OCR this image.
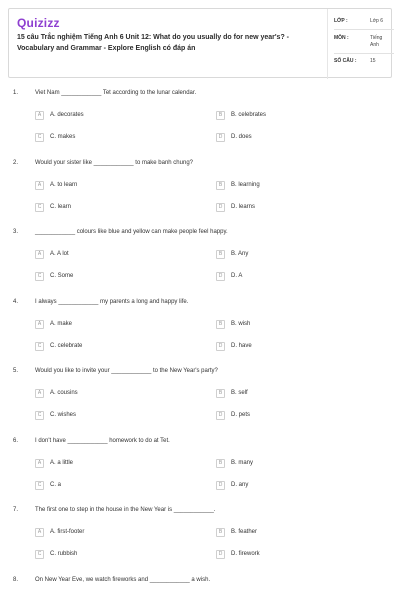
Quizizz
15 câu Trắc nghiệm Tiếng Anh 6 Unit 12: What do you usually do for new year's? - Vocabulary and Grammar - Explore English có đáp án
LỚP :	Lớp 6
MÔN :	Tiếng Anh
SỐ CÂU :	15
1.	Viet Nam ____________ Tet according to the lunar calendar.
A	A. decorates	B	B. celebrates
C	C. makes	D	D. does
2.	Would your sister like ____________ to make banh chung?
A	A. to learn	B	B. learning
C	C. learn	D	D. learns
3.	____________ colours like blue and yellow can make people feel happy.
A	A. A lot	B	B. Any
C	C. Some	D	D. A
4.	I always ____________ my parents a long and happy life.
A	A. make	B	B. wish
C	C. celebrate	D	D. have
5.	Would you like to invite your ____________ to the New Year's party?
A	A. cousins	B	B. self
C	C. wishes	D	D. pets
6.	I don't have ____________ homework to do at Tet.
A	A. a little	B	B. many
C	C. a	D	D. any
7.	The first one to step in the house in the New Year is ____________.
A	A. first-footer	B	B. feather
C	C. rubbish	D	D. firework
8.	On New Year Eve, we watch fireworks and ____________ a wish.
